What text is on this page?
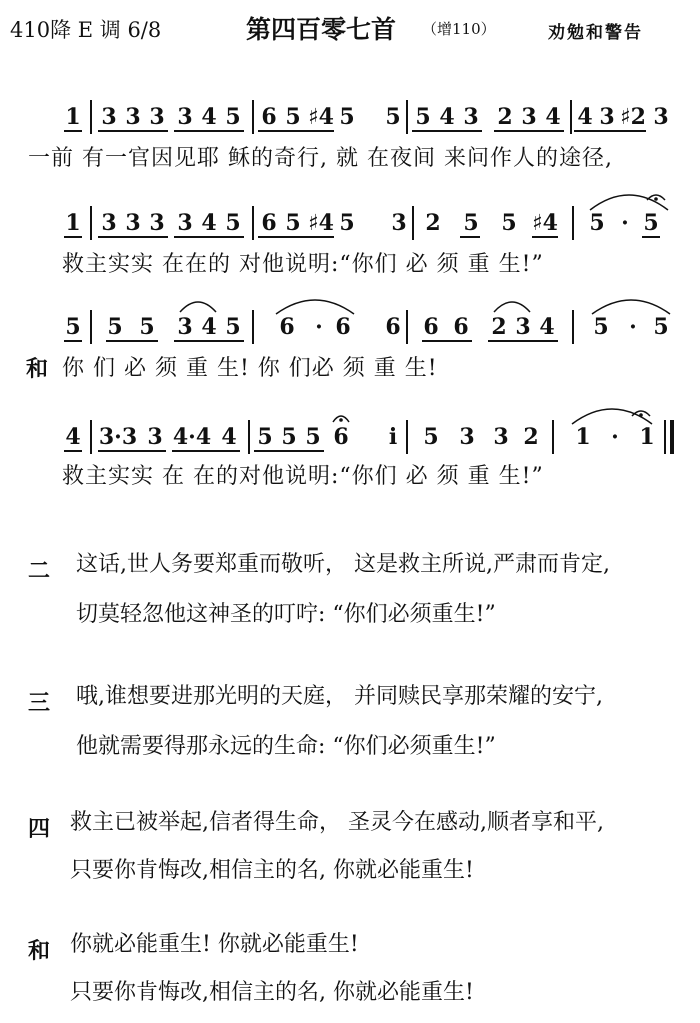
410降 E 调 6/8	第四百零七首 （增110）	劝勉和警告
1 3 3 3 3 4 5 6 5 ♯4 5 5 5 4 3 2 3 4 4 3 ♯2 3
一前 有一官因见耶 稣的奇行, 就 在夜间 来问作人的途径,
1 3 3 3 3 4 5 6 5 ♯4 5 3 2 5 5 ♯4 5 · 5
救主实实 在在的 对他说明:“你们 必 须 重 生!”
5 5 5 3 4 5 6 · 6 6 6 6 2 3 4 5 · 5
和 你 们 必 须 重 生! 你 们必 须 重 生!
4 3·3 3 4·4 4 5 5 5 6	i	5 3 3 2 1 · 1
救主实实 在 在的对他说明:“你们 必 须 重 生!”
二 这话,世人务要郑重而敬听， 这是救主所说,严肃而肯定,
切莫轻忽他这神圣的叮咛: “你们必须重生!”
三 哦,谁想要进那光明的天庭， 并同赎民享那荣耀的安宁,
他就需要得那永远的生命: “你们必须重生!”
四 救主已被举起,信者得生命， 圣灵今在感动,顺者享和平,
只要你肯悔改,相信主的名, 你就必能重生!
和 你就必能重生! 你就必能重生!
只要你肯悔改,相信主的名, 你就必能重生!
